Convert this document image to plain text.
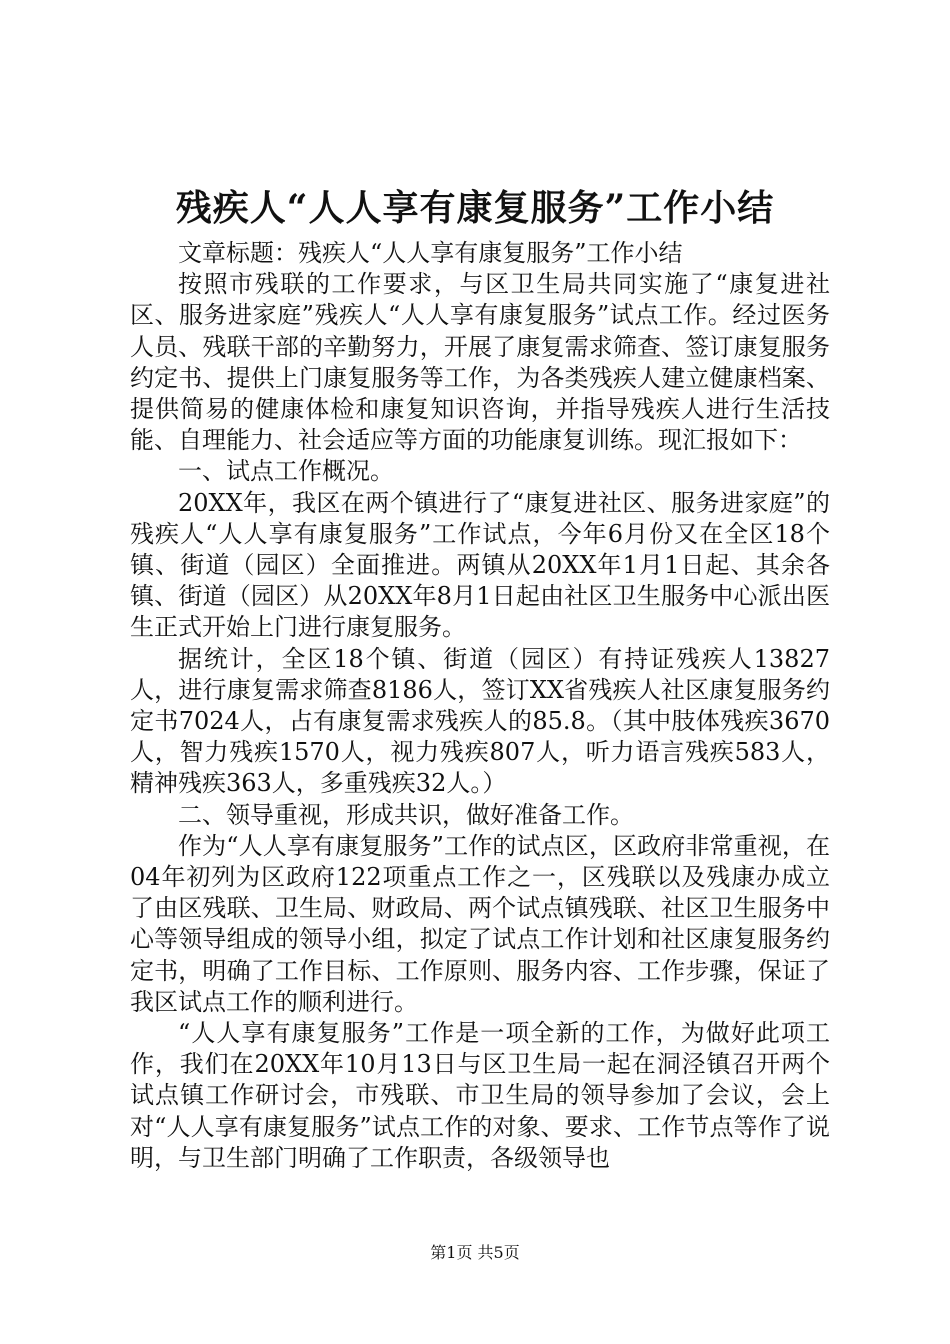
残疾人“人人享有康复服务”工作小结

文章标题：残疾人“人人享有康复服务”工作小结

按照市残联的工作要求，与区卫生局共同实施了“康复进社区、服务进家庭”残疾人“人人享有康复服务”试点工作。经过医务人员、残联干部的辛勤努力，开展了康复需求筛查、签订康复服务约定书、提供上门康复服务等工作，为各类残疾人建立健康档案、提供简易的健康体检和康复知识咨询，并指导残疾人进行生活技能、自理能力、社会适应等方面的功能康复训练。现汇报如下：

一、试点工作概况。

20XX年，我区在两个镇进行了“康复进社区、服务进家庭”的残疾人“人人享有康复服务”工作试点，今年6月份又在全区18个镇、街道（园区）全面推进。两镇从20XX年1月1日起、其余各镇、街道（园区）从20XX年8月1日起由社区卫生服务中心派出医生正式开始上门进行康复服务。

据统计，全区18个镇、街道（园区）有持证残疾人13827人，进行康复需求筛查8186人，签订XX省残疾人社区康复服务约定书7024人，占有康复需求残疾人的85.8。（其中肢体残疾3670人，智力残疾1570人，视力残疾807人，听力语言残疾583人，精神残疾363人，多重残疾32人。）

二、领导重视，形成共识，做好准备工作。

作为“人人享有康复服务”工作的试点区，区政府非常重视，在04年初列为区政府122项重点工作之一，区残联以及残康办成立了由区残联、卫生局、财政局、两个试点镇残联、社区卫生服务中心等领导组成的领导小组，拟定了试点工作计划和社区康复服务约定书，明确了工作目标、工作原则、服务内容、工作步骤，保证了我区试点工作的顺利进行。

“人人享有康复服务”工作是一项全新的工作，为做好此项工作，我们在20XX年10月13日与区卫生局一起在洞泾镇召开两个试点镇工作研讨会，市残联、市卫生局的领导参加了会议，会上对“人人享有康复服务”试点工作的对象、要求、工作节点等作了说明，与卫生部门明确了工作职责，各级领导也

第1页 共5页
